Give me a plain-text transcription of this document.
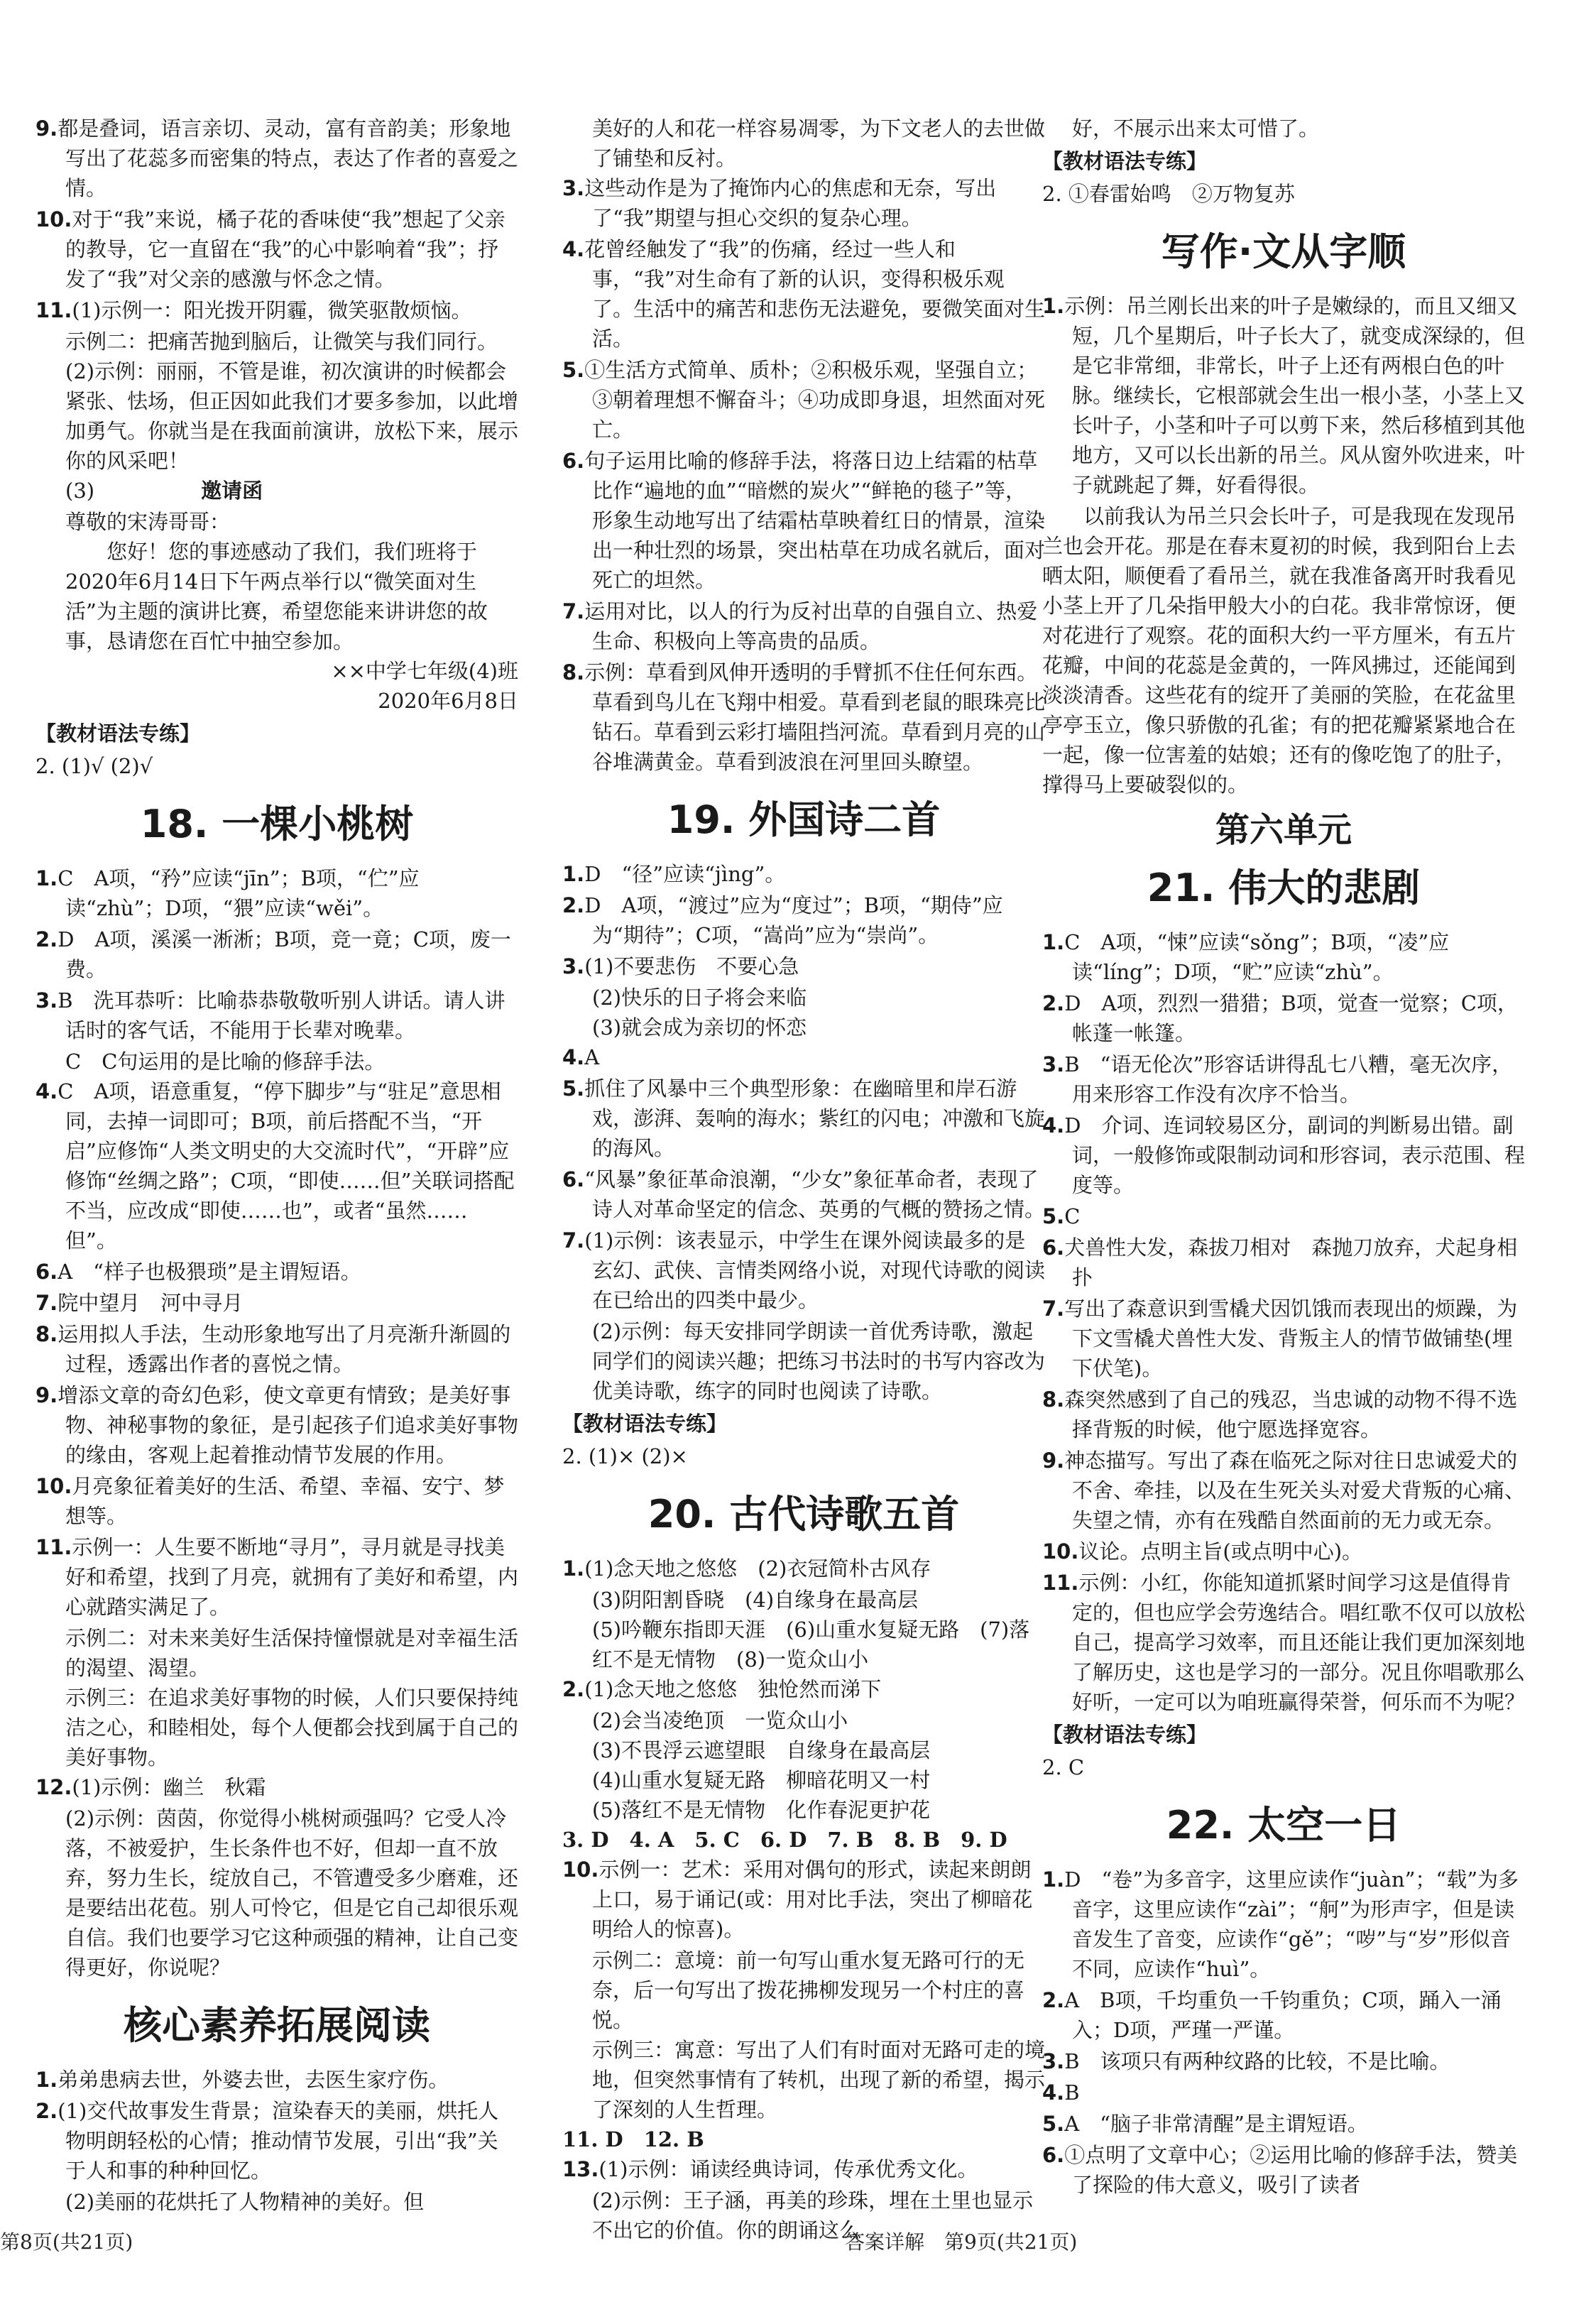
9.都是叠词，语言亲切、灵动，富有音韵美；形象地写出了花蕊多而密集的特点，表达了作者的喜爱之情。
10.对于“我”来说，橘子花的香味使“我”想起了父亲的教导，它一直留在“我”的心中影响着“我”；抒发了“我”对父亲的感激与怀念之情。
11.(1)示例一：阳光拨开阴霾，微笑驱散烦恼。
示例二：把痛苦抛到脑后，让微笑与我们同行。
(2)示例：丽丽，不管是谁，初次演讲的时候都会紧张、怯场，但正因如此我们才要多参加，以此增加勇气。你就当是在我面前演讲，放松下来，展示你的风采吧！
(3)	邀请函
尊敬的宋涛哥哥：
您好！您的事迹感动了我们，我们班将于2020年6月14日下午两点举行以“微笑面对生活”为主题的演讲比赛，希望您能来讲讲您的故事，恳请您在百忙中抽空参加。
××中学七年级(4)班
2020年6月8日
【教材语法专练】
2. (1)√ (2)√
18. 一棵小桃树
1.C　A项，“矜”应读“jīn”；B项，“伫”应读“zhù”；D项，“猥”应读“wěi”。
2.D　A项，溪溪一淅淅；B项，竞一竟；C项，废一费。
3.B　洗耳恭听：比喻恭恭敬敬听别人讲话。请人讲话时的客气话，不能用于长辈对晚辈。
C　C句运用的是比喻的修辞手法。
4.C　A项，语意重复，“停下脚步”与“驻足”意思相同，去掉一词即可；B项，前后搭配不当，“开启”应修饰“人类文明史的大交流时代”，“开辟”应修饰“丝绸之路”；C项，“即使……但”关联词搭配不当，应改成“即使……也”，或者“虽然……但”。
6.A　“样子也极猥琐”是主谓短语。
7.院中望月　河中寻月
8.运用拟人手法，生动形象地写出了月亮渐升渐圆的过程，透露出作者的喜悦之情。
9.增添文章的奇幻色彩，使文章更有情致；是美好事物、神秘事物的象征，是引起孩子们追求美好事物的缘由，客观上起着推动情节发展的作用。
10.月亮象征着美好的生活、希望、幸福、安宁、梦想等。
11.示例一：人生要不断地“寻月”，寻月就是寻找美好和希望，找到了月亮，就拥有了美好和希望，内心就踏实满足了。
示例二：对未来美好生活保持憧憬就是对幸福生活的渴望、渴望。
示例三：在追求美好事物的时候，人们只要保持纯洁之心，和睦相处，每个人便都会找到属于自己的美好事物。
12.(1)示例：幽兰　秋霜
(2)示例：茵茵，你觉得小桃树顽强吗？它受人冷落，不被爱护，生长条件也不好，但却一直不放弃，努力生长，绽放自己，不管遭受多少磨难，还是要结出花苞。别人可怜它，但是它自己却很乐观自信。我们也要学习它这种顽强的精神，让自己变得更好，你说呢？
核心素养拓展阅读
1.弟弟患病去世，外婆去世，去医生家疗伤。
2.(1)交代故事发生背景；渲染春天的美丽，烘托人物明朗轻松的心情；推动情节发展，引出“我”关于人和事的种种回忆。
(2)美丽的花烘托了人物精神的美好。但
美好的人和花一样容易凋零，为下文老人的去世做了铺垫和反衬。
3.这些动作是为了掩饰内心的焦虑和无奈，写出了“我”期望与担心交织的复杂心理。
4.花曾经触发了“我”的伤痛，经过一些人和事，“我”对生命有了新的认识，变得积极乐观了。生活中的痛苦和悲伤无法避免，要微笑面对生活。
5.①生活方式简单、质朴；②积极乐观，坚强自立；③朝着理想不懈奋斗；④功成即身退，坦然面对死亡。
6.句子运用比喻的修辞手法，将落日边上结霜的枯草比作“遍地的血”“暗燃的炭火”“鲜艳的毯子”等，形象生动地写出了结霜枯草映着红日的情景，渲染出一种壮烈的场景，突出枯草在功成名就后，面对死亡的坦然。
7.运用对比，以人的行为反衬出草的自强自立、热爱生命、积极向上等高贵的品质。
8.示例：草看到风伸开透明的手臂抓不住任何东西。草看到鸟儿在飞翔中相爱。草看到老鼠的眼珠亮比钻石。草看到云彩打墙阻挡河流。草看到月亮的山谷堆满黄金。草看到波浪在河里回头瞭望。
19. 外国诗二首
1.D　“径”应读“jìng”。
2.D　A项，“渡过”应为“度过”；B项，“期侍”应为“期待”；C项，“嵩尚”应为“崇尚”。
3.(1)不要悲伤　不要心急
(2)快乐的日子将会来临
(3)就会成为亲切的怀恋
4.A
5.抓住了风暴中三个典型形象：在幽暗里和岸石游戏，澎湃、轰响的海水；紫红的闪电；冲激和飞旋的海风。
6.“风暴”象征革命浪潮，“少女”象征革命者，表现了诗人对革命坚定的信念、英勇的气概的赞扬之情。
7.(1)示例：该表显示，中学生在课外阅读最多的是玄幻、武侠、言情类网络小说，对现代诗歌的阅读在已给出的四类中最少。
(2)示例：每天安排同学朗读一首优秀诗歌，激起同学们的阅读兴趣；把练习书法时的书写内容改为优美诗歌，练字的同时也阅读了诗歌。
【教材语法专练】
2. (1)× (2)×
20. 古代诗歌五首
1.(1)念天地之悠悠　(2)衣冠简朴古风存
(3)阴阳割昏晓　(4)自缘身在最高层
(5)吟鞭东指即天涯　(6)山重水复疑无路　(7)落红不是无情物　(8)一览众山小
2.(1)念天地之悠悠　独怆然而涕下
(2)会当凌绝顶　一览众山小
(3)不畏浮云遮望眼　自缘身在最高层
(4)山重水复疑无路　柳暗花明又一村
(5)落红不是无情物　化作春泥更护花
3. D　4. A　5. C　6. D　7. B　8. B　9. D
10.示例一：艺术：采用对偶句的形式，读起来朗朗上口，易于诵记(或：用对比手法，突出了柳暗花明给人的惊喜)。
示例二：意境：前一句写山重水复无路可行的无奈，后一句写出了拨花拂柳发现另一个村庄的喜悦。
示例三：寓意：写出了人们有时面对无路可走的境地，但突然事情有了转机，出现了新的希望，揭示了深刻的人生哲理。
11. D　12. B
13.(1)示例：诵读经典诗词，传承优秀文化。
(2)示例：王子涵，再美的珍珠，埋在土里也显示不出它的价值。你的朗诵这么
好，不展示出来太可惜了。
【教材语法专练】
2. ①春雷始鸣　②万物复苏
写作·文从字顺
1.示例：吊兰刚长出来的叶子是嫩绿的，而且又细又短，几个星期后，叶子长大了，就变成深绿的，但是它非常细，非常长，叶子上还有两根白色的叶脉。继续长，它根部就会生出一根小茎，小茎上又长叶子，小茎和叶子可以剪下来，然后移植到其他地方，又可以长出新的吊兰。风从窗外吹进来，叶子就跳起了舞，好看得很。
以前我认为吊兰只会长叶子，可是我现在发现吊兰也会开花。那是在春末夏初的时候，我到阳台上去晒太阳，顺便看了看吊兰，就在我准备离开时我看见小茎上开了几朵指甲般大小的白花。我非常惊讶，便对花进行了观察。花的面积大约一平方厘米，有五片花瓣，中间的花蕊是金黄的，一阵风拂过，还能闻到淡淡清香。这些花有的绽开了美丽的笑脸，在花盆里亭亭玉立，像只骄傲的孔雀；有的把花瓣紧紧地合在一起，像一位害羞的姑娘；还有的像吃饱了的肚子，撑得马上要破裂似的。
第六单元
21. 伟大的悲剧
1.C　A项，“悚”应读“sǒng”；B项，“凌”应读“líng”；D项，“贮”应读“zhù”。
2.D　A项，烈烈一猎猎；B项，觉查一觉察；C项，帐蓬一帐篷。
3.B　“语无伦次”形容话讲得乱七八糟，毫无次序，用来形容工作没有次序不恰当。
4.D　介词、连词较易区分，副词的判断易出错。副词，一般修饰或限制动词和形容词，表示范围、程度等。
5.C
6.犬兽性大发，森拔刀相对　森抛刀放弃，犬起身相扑
7.写出了森意识到雪橇犬因饥饿而表现出的烦躁，为下文雪橇犬兽性大发、背叛主人的情节做铺垫(埋下伏笔)。
8.森突然感到了自己的残忍，当忠诚的动物不得不选择背叛的时候，他宁愿选择宽容。
9.神态描写。写出了森在临死之际对往日忠诚爱犬的不舍、牵挂，以及在生死关头对爱犬背叛的心痛、失望之情，亦有在残酷自然面前的无力或无奈。
10.议论。点明主旨(或点明中心)。
11.示例：小红，你能知道抓紧时间学习这是值得肯定的，但也应学会劳逸结合。唱红歌不仅可以放松自己，提高学习效率，而且还能让我们更加深刻地了解历史，这也是学习的一部分。况且你唱歌那么好听，一定可以为咱班赢得荣誉，何乐而不为呢？
【教材语法专练】
2. C
22. 太空一日
1.D　“卷”为多音字，这里应读作“juàn”；“载”为多音字，这里应读作“zài”；“舸”为形声字，但是读音发生了音变，应读作“gě”；“哕”与“岁”形似音不同，应读作“huì”。
2.A　B项，千均重负一千钧重负；C项，踊入一涌入；D项，严瑾一严谨。
3.B　该项只有两种纹路的比较，不是比喻。
4.B
5.A　“脑子非常清醒”是主谓短语。
6.①点明了文章中心；②运用比喻的修辞手法，赞美了探险的伟大意义，吸引了读者
第8页(共21页)	答案详解　第9页(共21页)
